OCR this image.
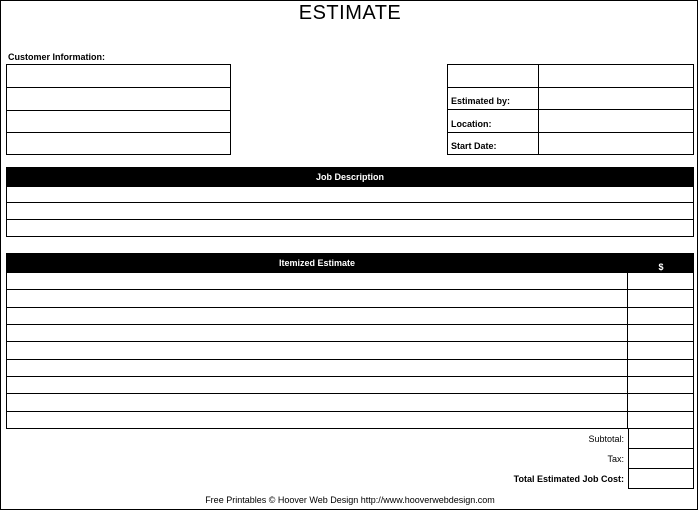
ESTIMATE
Customer Information:
Estimated by:
Location:
Start Date:
Job Description
Itemized Estimate	$
Subtotal:
Tax:
Total Estimated Job Cost:
Free Printables © Hoover Web Design http://www.hooverwebdesign.com
